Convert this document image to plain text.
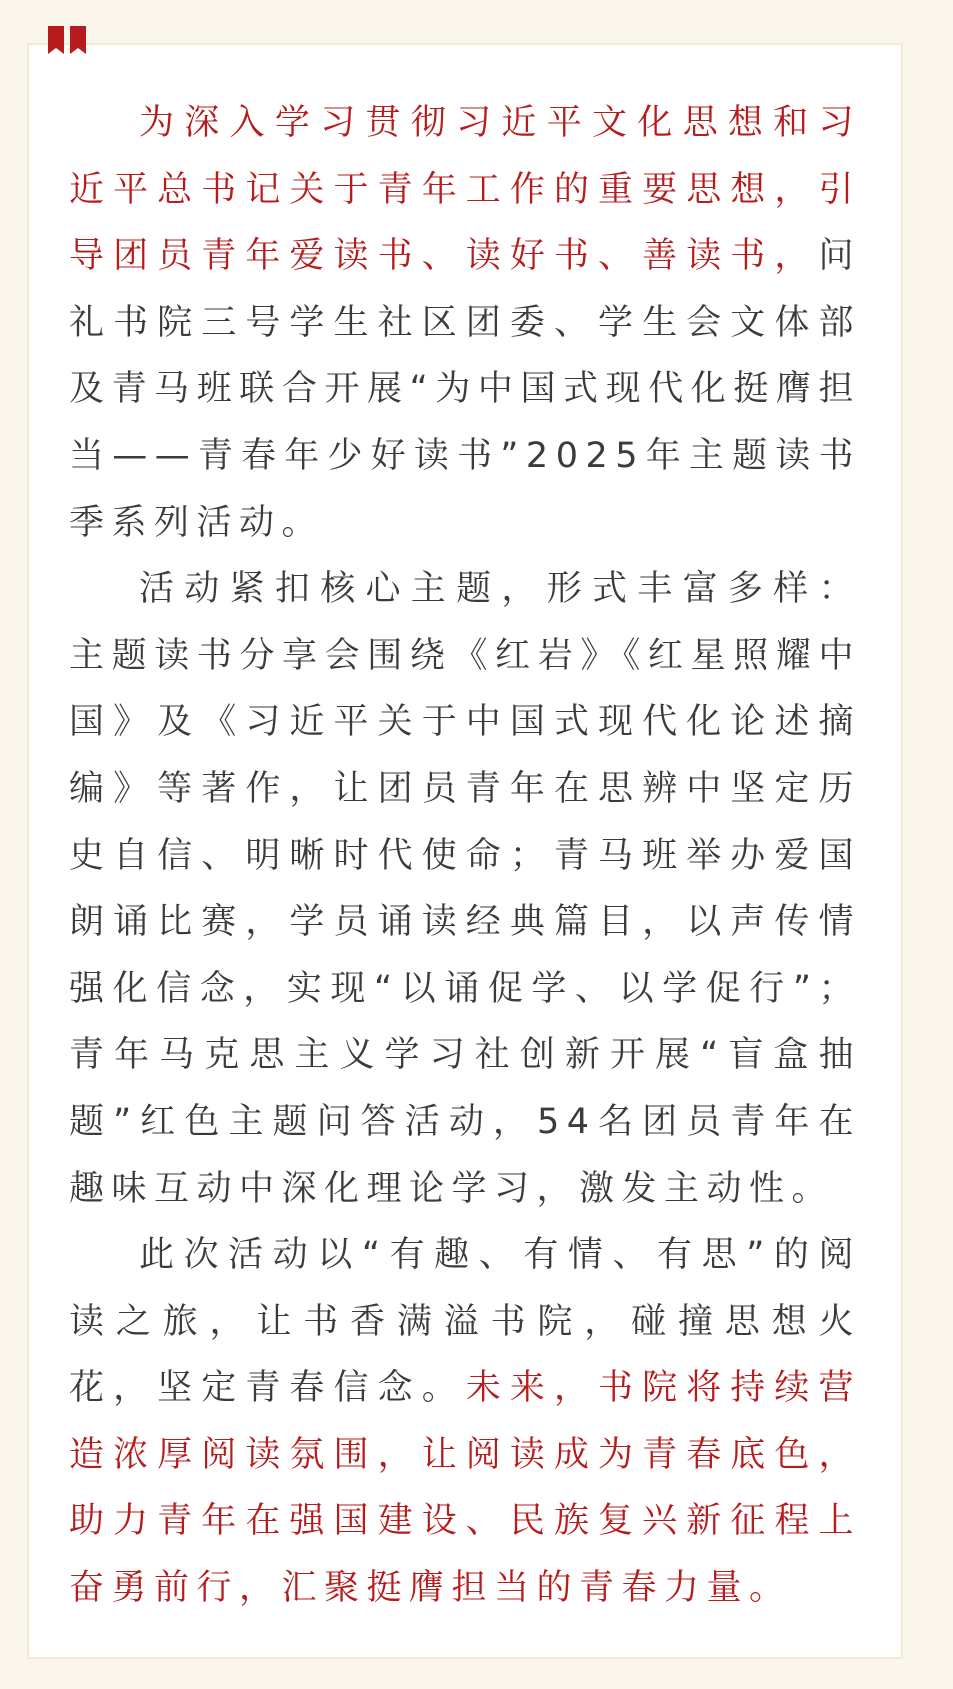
为深入学习贯彻习近平文化思想和习近平总书记关于青年工作的重要思想，引导团员青年爱读书、读好书、善读书，问礼书院三号学生社区团委、学生会文体部及青马班联合开展“为中国式现代化挺膺担当——青春年少好读书”2025年主题读书季系列活动。

活动紧扣核心主题，形式丰富多样：主题读书分享会围绕《红岩》《红星照耀中国》及《习近平关于中国式现代化论述摘编》等著作，让团员青年在思辨中坚定历史自信、明晰时代使命；青马班举办爱国朗诵比赛，学员诵读经典篇目，以声传情强化信念，实现“以诵促学、以学促行”；青年马克思主义学习社创新开展“盲盒抽题”红色主题问答活动，54名团员青年在趣味互动中深化理论学习，激发主动性。

此次活动以“有趣、有情、有思”的阅读之旅，让书香满溢书院，碰撞思想火花，坚定青春信念。未来，书院将持续营造浓厚阅读氛围，让阅读成为青春底色，助力青年在强国建设、民族复兴新征程上奋勇前行，汇聚挺膺担当的青春力量。
